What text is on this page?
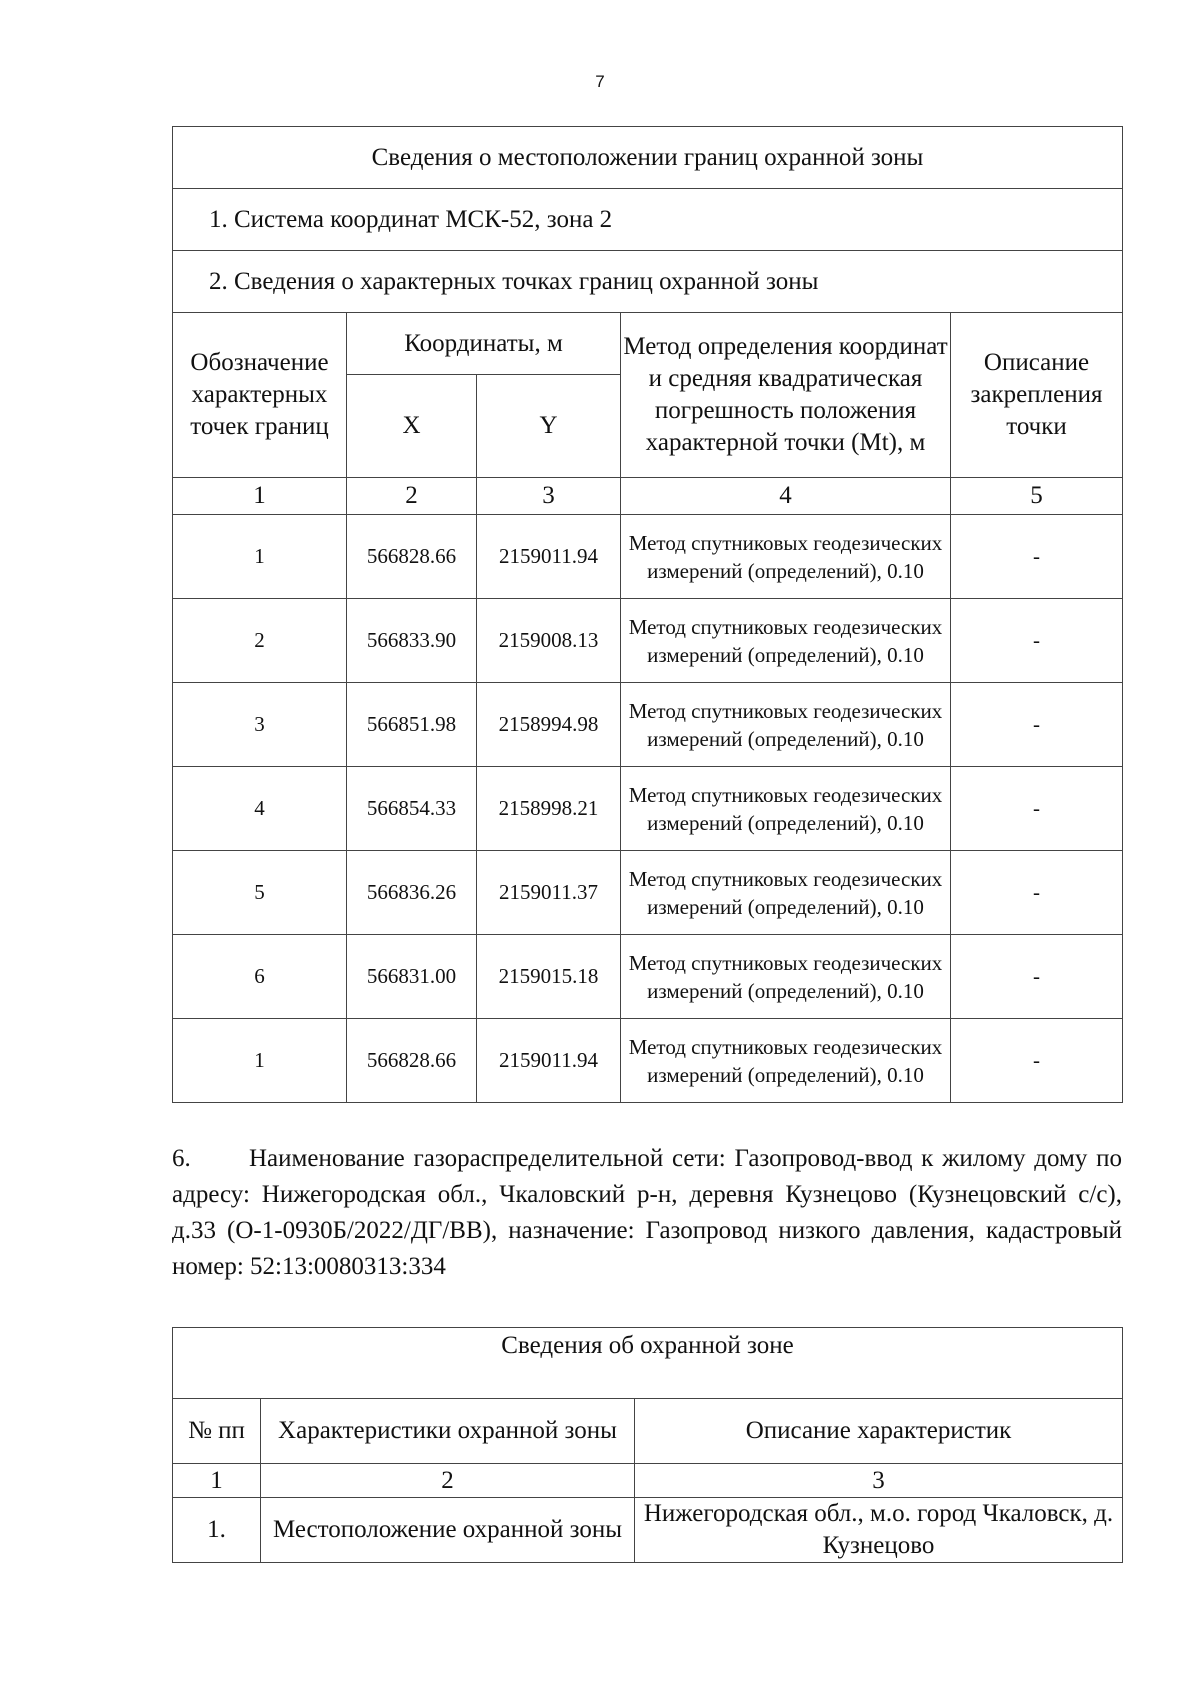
7
Сведения о местоположении границ охранной зоны				
1. Система координат МСК-52, зона 2				
2. Сведения о характерных точках границ охранной зоны				
Обозначение характерных точек границ	Координаты, м		Метод определения координат и средняя квадратическая погрешность положения характерной точки (Mt), м	Описание закрепления точки
	X	Y		
1	2	3	4	5
1	566828.66	2159011.94	Метод спутниковых геодезических измерений (определений), 0.10	-
2	566833.90	2159008.13	Метод спутниковых геодезических измерений (определений), 0.10	-
3	566851.98	2158994.98	Метод спутниковых геодезических измерений (определений), 0.10	-
4	566854.33	2158998.21	Метод спутниковых геодезических измерений (определений), 0.10	-
5	566836.26	2159011.37	Метод спутниковых геодезических измерений (определений), 0.10	-
6	566831.00	2159015.18	Метод спутниковых геодезических измерений (определений), 0.10	-
1	566828.66	2159011.94	Метод спутниковых геодезических измерений (определений), 0.10	-
6. Наименование газораспределительной сети: Газопровод-ввод к жилому дому по адресу: Нижегородская обл., Чкаловский р-н, деревня Кузнецово (Кузнецовский с/с), д.33 (О-1-0930Б/2022/ДГ/ВВ), назначение: Газопровод низкого давления, кадастровый номер: 52:13:0080313:334
Сведения об охранной зоне		
№ пп	Характеристики охранной зоны	Описание характеристик
1	2	3
1.	Местоположение охранной зоны	Нижегородская обл., м.о. город Чкаловск, д. Кузнецово
